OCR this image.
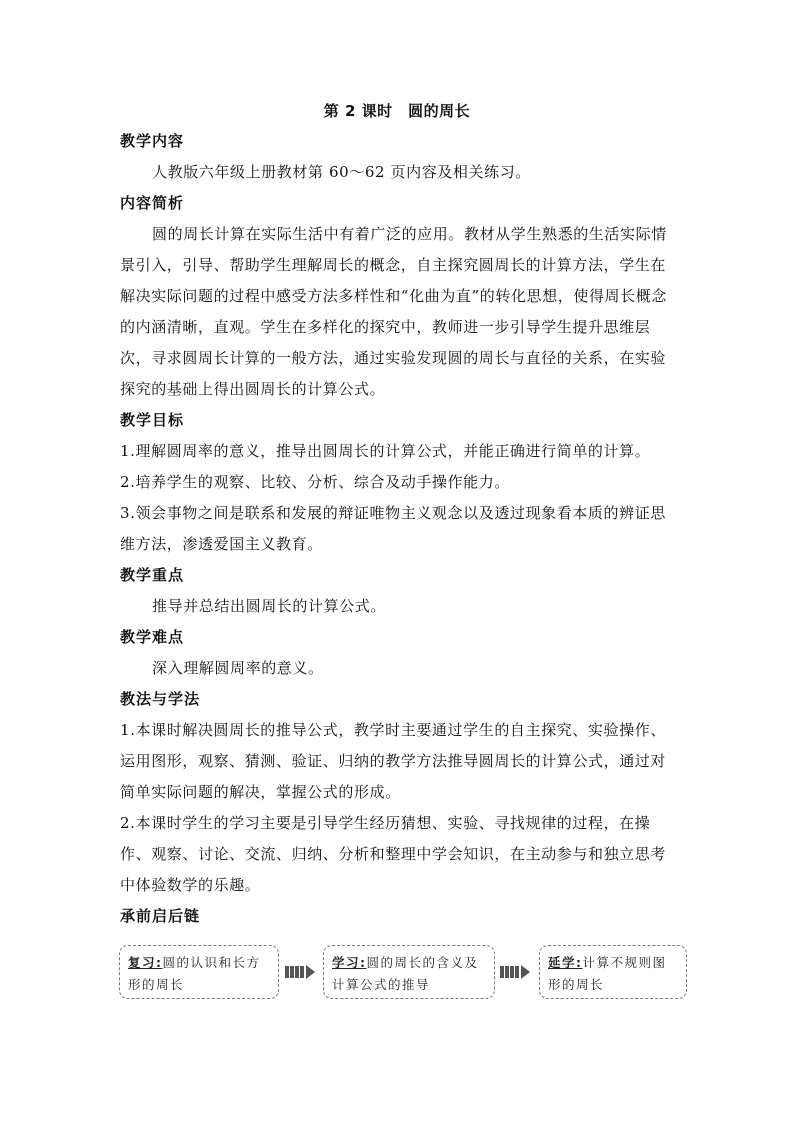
第 2 课时　圆的周长
教学内容

人教版六年级上册教材第 60～62 页内容及相关练习。

内容简析

圆的周长计算在实际生活中有着广泛的应用。教材从学生熟悉的生活实际情景引入，引导、帮助学生理解周长的概念，自主探究圆周长的计算方法，学生在解决实际问题的过程中感受方法多样性和“化曲为直”的转化思想，使得周长概念的内涵清晰，直观。学生在多样化的探究中，教师进一步引导学生提升思维层次，寻求圆周长计算的一般方法，通过实验发现圆的周长与直径的关系，在实验探究的基础上得出圆周长的计算公式。

教学目标

1.理解圆周率的意义，推导出圆周长的计算公式，并能正确进行简单的计算。

2.培养学生的观察、比较、分析、综合及动手操作能力。

3.领会事物之间是联系和发展的辩证唯物主义观念以及透过现象看本质的辨证思维方法，渗透爱国主义教育。

教学重点

推导并总结出圆周长的计算公式。

教学难点

深入理解圆周率的意义。

教法与学法

1.本课时解决圆周长的推导公式，教学时主要通过学生的自主探究、实验操作、运用图形，观察、猜测、验证、归纳的教学方法推导圆周长的计算公式，通过对简单实际问题的解决，掌握公式的形成。

2.本课时学生的学习主要是引导学生经历猜想、实验、寻找规律的过程，在操作、观察、讨论、交流、归纳、分析和整理中学会知识，在主动参与和独立思考中体验数学的乐趣。

承前启后链
复习:圆的认识和长方形的周长
学习:圆的周长的含义及计算公式的推导
延学:计算不规则图形的周长
